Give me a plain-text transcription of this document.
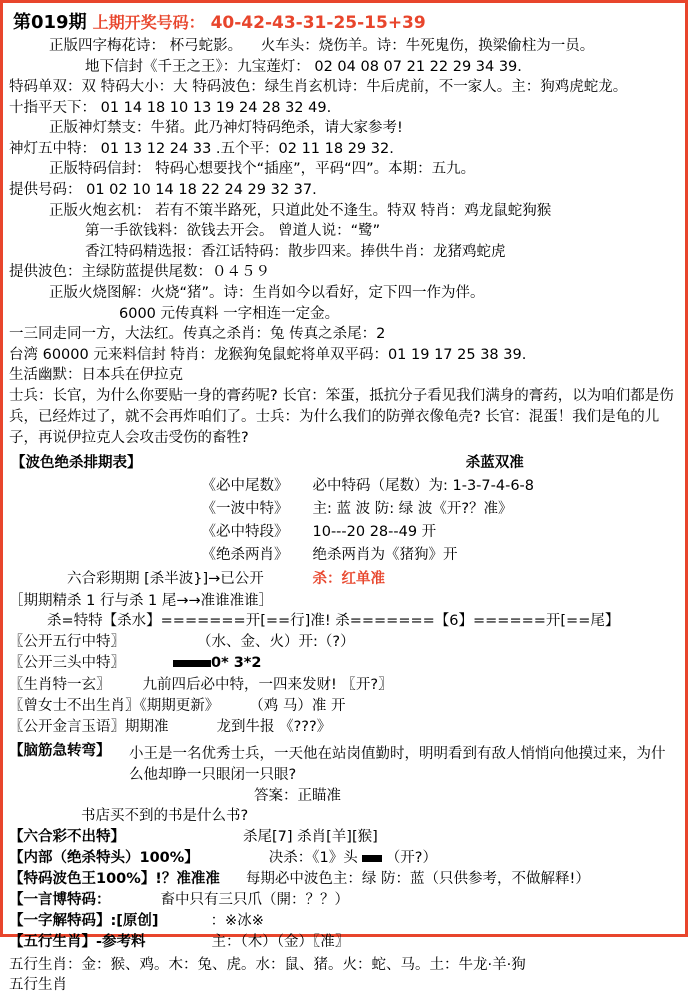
第019期 上期开奖号码： 40-42-43-31-25-15+39
正版四字梅花诗： 杯弓蛇影。 火车头：烧伤羊。诗：牛死鬼伤，换梁偷柱为一员。
地下信封《千王之王》：九宝莲灯： 02 04 08 07 21 22 29 34 39.
特码单双：双 特码大小：大 特码波色：绿生肖玄机诗：牛后虎前，不一家人。主：狗鸡虎蛇龙。
十指平天下： 01 14 18 10 13 19 24 28 32 49.
正版神灯禁支：牛猪。此乃神灯特码绝杀，请大家参考!
神灯五中特： 01 13 12 24 33 .五个平：02 11 18 29 32.
正版特码信封： 特码心想要找个“插座”，平码“四”。本期：五九。
提供号码： 01 02 10 14 18 22 24 29 32 37.
正版火炮玄机： 若有不策半路死，只道此处不逢生。特双 特肖：鸡龙鼠蛇狗猴
第一手欲钱料：欲钱去开会。 曾道人说：“鹭”
香江特码精选报：香江话特码：散步四来。捧供牛肖：龙猪鸡蛇虎
提供波色：主绿防蓝提供尾数：０４５９
正版火烧图解：火烧“猪”。诗：生肖如今以看好，定下四一作为伴。
6000 元传真料 一字相连一定金。
一三同走同一方，大法红。传真之杀肖：兔 传真之杀尾：2
台湾 60000 元来料信封 特肖：龙猴狗兔鼠蛇将单双平码：01 19 17 25 38 39.
生活幽默：日本兵在伊拉克
士兵：长官，为什么你要贴一身的膏药呢? 长官：笨蛋，抵抗分子看见我们满身的膏药，以为咱们都是伤兵，已经炸过了，就不会再炸咱们了。士兵：为什么我们的防弹衣像龟壳? 长官：混蛋！我们是龟的儿子，再说伊拉克人会攻击受伤的畜牲?
【波色绝杀排期表】	杀蓝双准
《必中尾数》	必中特码（尾数）为: 1-3-7-4-6-8
《一波中特》	主: 蓝 波 防: 绿 波《开?？准》
《必中特段》	10---20 28--49 开
《绝杀两肖》	绝杀两肖为《猪狗》开
六合彩期期 [杀半波}]→已公开	杀：红单准
［期期精杀 1 行与杀 1 尾→→准谁准谁］
杀=特特【 杀水】=======开[==行]准! 杀=======【6】======开[==尾】
〖公开五行中特〗	（水、金、火）开:（?）
〖公开三头中特〗	0* 3*2
〖生肖特一玄〗	九前四后必中特，一四来发财! 〖开?〗
〖曾女士不出生肖〗《期期更新》	（鸡 马）准 开
〖公开金言玉语〗期期准	龙到牛报 《???》
【脑筋急转弯】	小王是一名优秀士兵，一天他在站岗值勤时，明明看到有敌人悄悄向他摸过来，为什么他却睁一只眼闭一只眼?
答案：正瞄准
书店买不到的书是什么书?
【六合彩不出特】	杀尾[7] 杀肖[羊][猴]
【内部（绝杀特头）100%】	决杀：《1》头 （开?）
【特码波色王100%】!？准准准	每期必中波色主：绿 防：蓝（只供参考，不做解释!）
【一言博特码：	畜中只有三只爪（開：？？）
【一字解特码】:[原创]	：※冰※
【五行生肖】-参考料	主：（木）（金）〖准〗
五行生肖：金：猴、鸡。木：兔、虎。水：鼠、猪。火：蛇、马。土：牛龙·羊·狗
五行生肖
